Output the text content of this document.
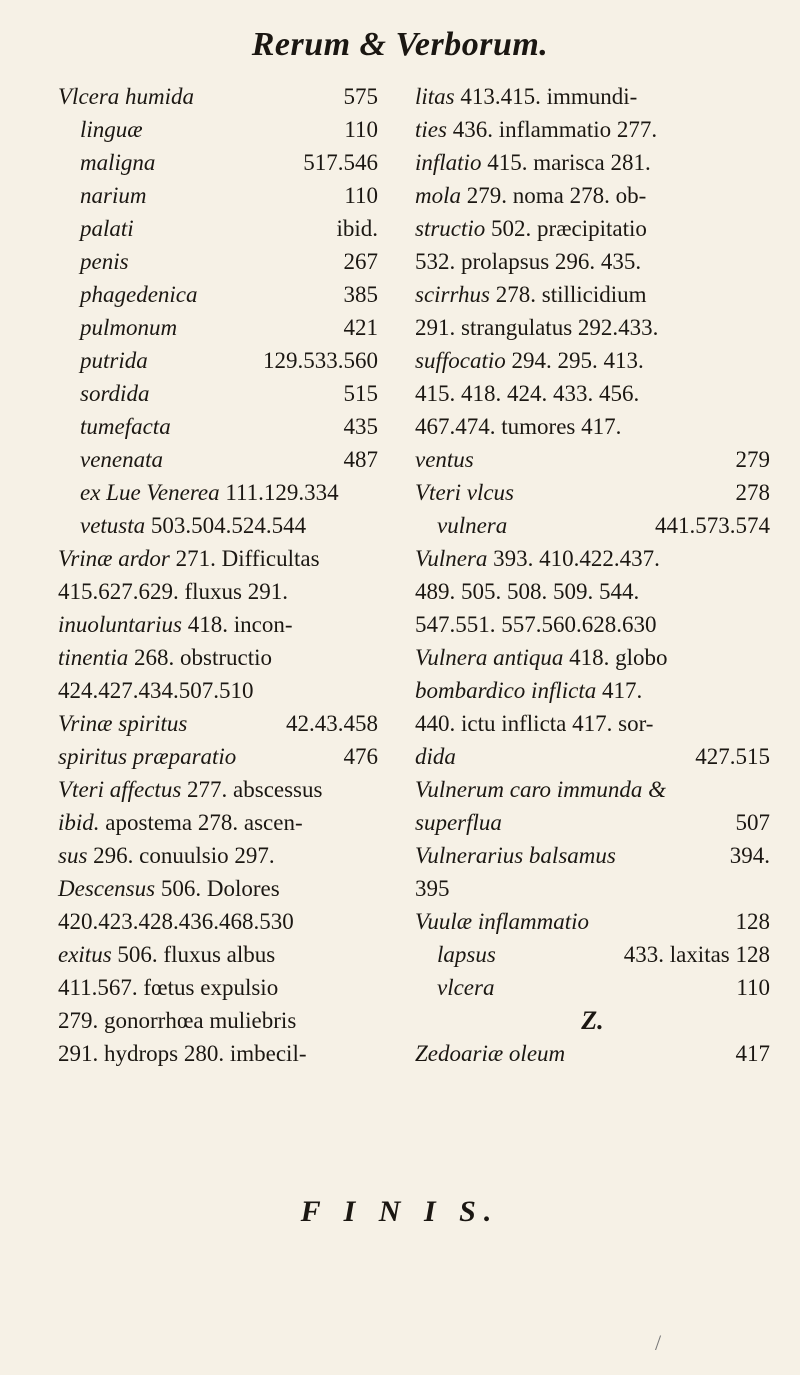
Rerum & Verborum.
Vlcera humida	575
linguæ	110
maligna	517.546
narium	110
palati	ibid.
penis	267
phagedenica	385
pulmonum	421
putrida	129.533.560
sordida	515
tumefacta	435
venenata	487
ex Lue Venerea 111.129.334
vetusta 503.504.524.544
Vrinæ ardor 271. Difficultas
415.627.629. fluxus 291.
inuoluntarius 418. incon-
tinentia 268. obstructio
424.427.434.507.510
Vrinæ spiritus	42.43.458
spiritus præparatio	476
Vteri affectus 277. abscessus
ibid. apostema 278. ascen-
sus 296. conuulsio 297.
Descensus 506. Dolores
420.423.428.436.468.530
exitus 506. fluxus albus
411.567. fœtus expulsio
279. gonorrhœa muliebris
291. hydrops 280. imbecil-
litas 413.415. immundi-
ties 436. inflammatio 277.
inflatio 415. marisca 281.
mola 279. noma 278. ob-
structio 502. præcipitatio
532. prolapsus 296. 435.
scirrhus 278. stillicidium
291. strangulatus 292.433.
suffocatio 294. 295. 413.
415. 418. 424. 433. 456.
467.474. tumores 417.
ventus	279
Vteri vlcus	278
vulnera	441.573.574
Vulnera 393. 410.422.437.
489. 505. 508. 509. 544.
547.551. 557.560.628.630
Vulnera antiqua 418. globo
bombardico inflicta 417.
440. ictu inflicta 417. sor-
dida	427.515
Vulnerum caro immunda &
superflua	507
Vulnerarius balsamus	394.
395
Vuulæ inflammatio	128
lapsus	433. laxitas 128
vlcera	110
Z.
Zedoariæ oleum	417
F I N I S.
/
